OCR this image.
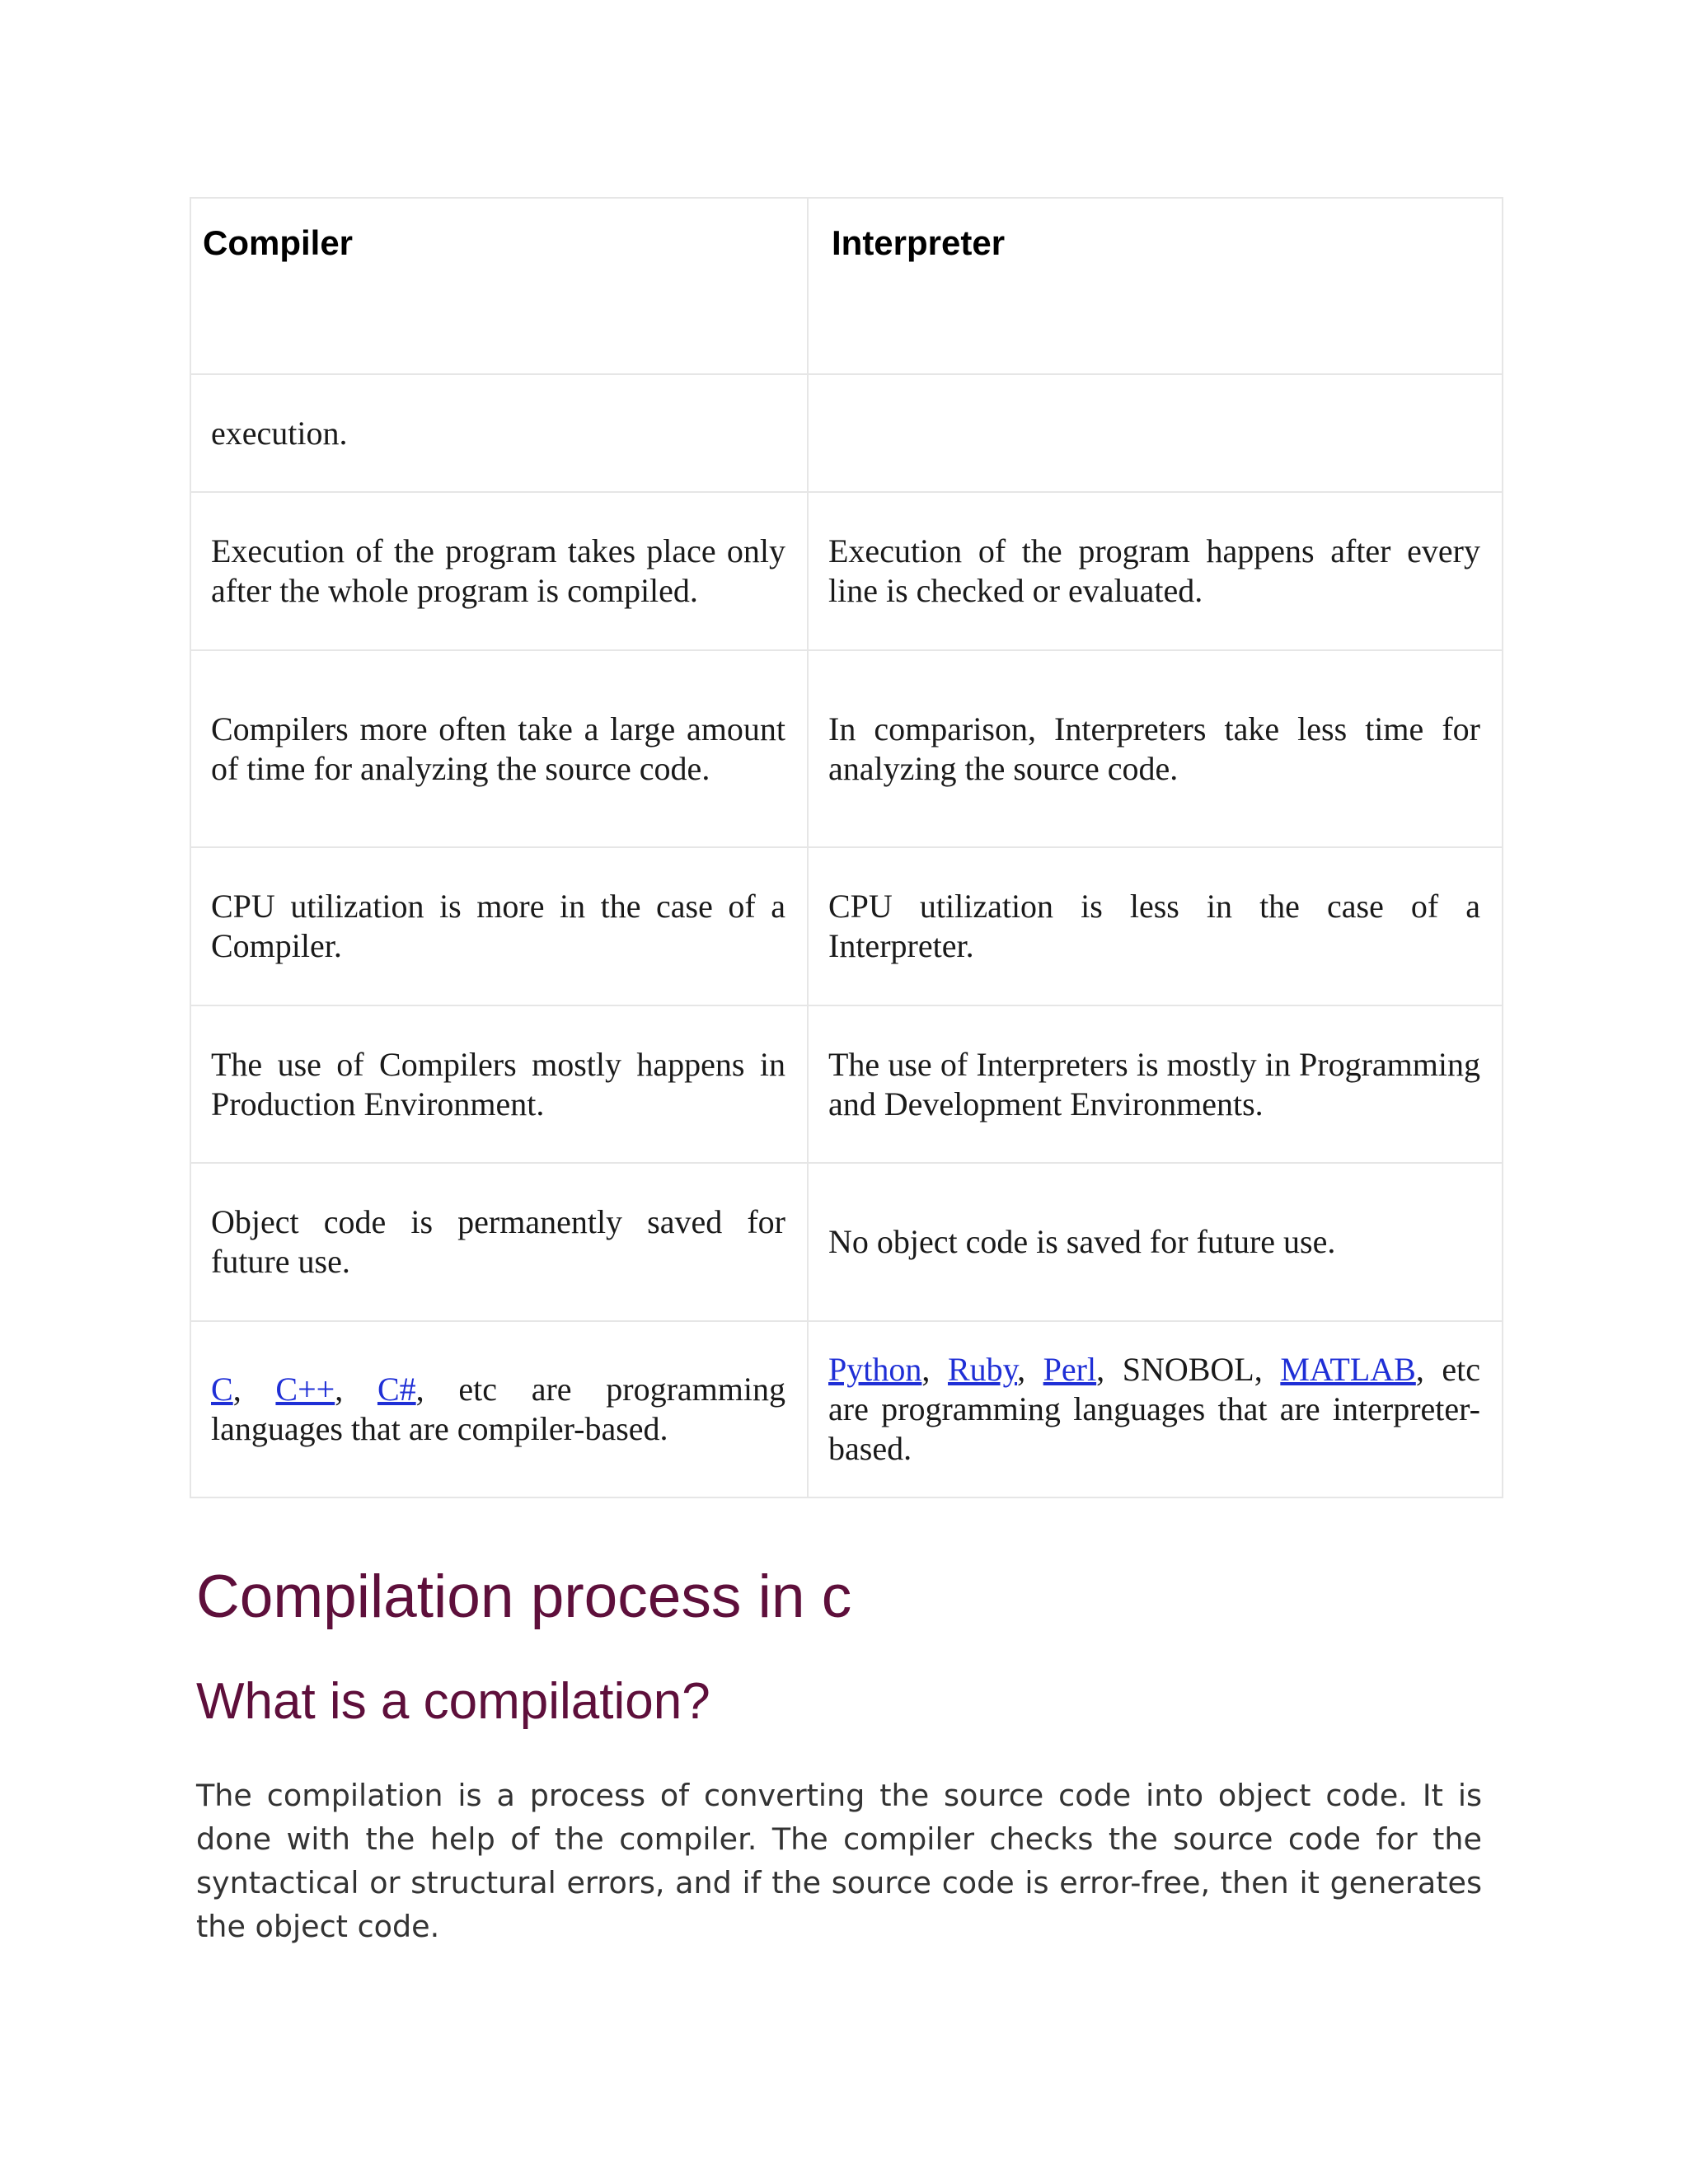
Compiler	Interpreter

execution.	

Execution of the program takes place only after the whole program is compiled.	Execution of the program happens after every line is checked or evaluated.

Compilers more often take a large amount of time for analyzing the source code.	In comparison, Interpreters take less time for analyzing the source code.

CPU utilization is more in the case of a Compiler.	CPU utilization is less in the case of a Interpreter.

The use of Compilers mostly happens in Production Environment.	The use of Interpreters is mostly in Programming and Development Environments.

Object code is permanently saved for future use.	No object code is saved for future use.

C, C++, C#, etc are programming languages that are compiler-based.	Python, Ruby, Perl, SNOBOL, MATLAB, etc are programming languages that are interpreter-based.
Compilation process in c
What is a compilation?

The compilation is a process of converting the source code into object code. It is done with the help of the compiler. The compiler checks the source code for the syntactical or structural errors, and if the source code is error-free, then it generates the object code.
